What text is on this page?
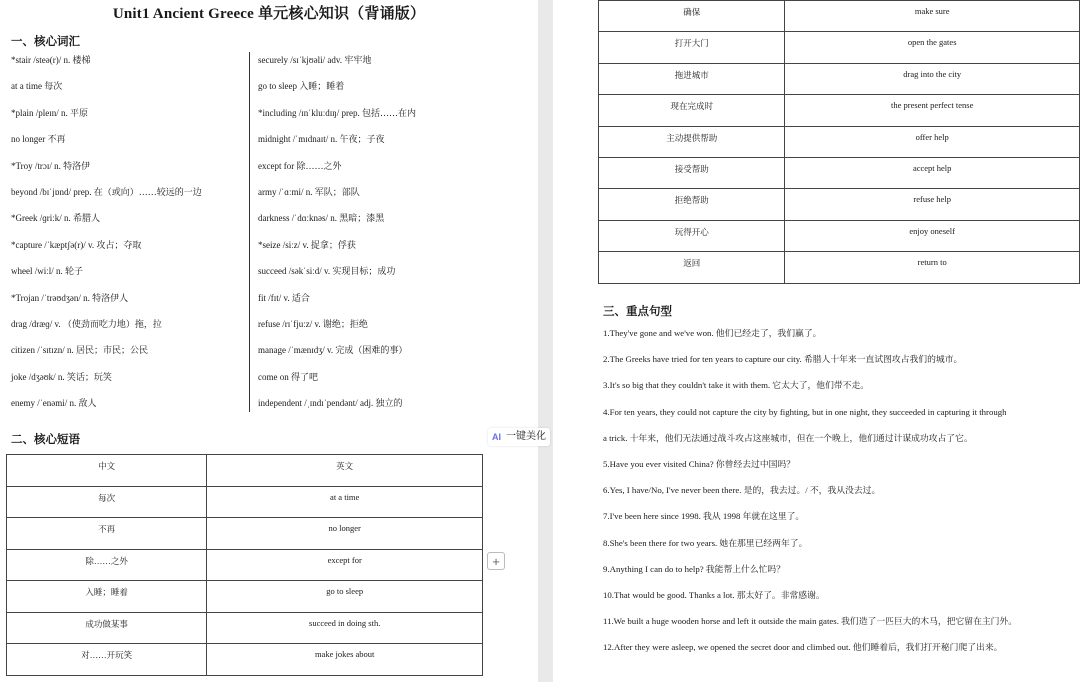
Unit1 Ancient Greece 单元核心知识（背诵版）
一、核心词汇
*stair /steə(r)/ n. 楼梯
at a time 每次
*plain /pleɪn/ n. 平原
no longer 不再
*Troy /trɔɪ/ n. 特洛伊
beyond /bɪˈjɒnd/ prep. 在（或向）……较远的一边
*Greek /ɡriːk/ n. 希腊人
*capture /ˈkæptʃə(r)/ v. 攻占；夺取
wheel /wiːl/ n. 轮子
*Trojan /ˈtrəʊdʒən/ n. 特洛伊人
drag /dræɡ/ v. （使劲而吃力地）拖，拉
citizen /ˈsɪtɪzn/ n. 居民；市民；公民
joke /dʒəʊk/ n. 笑话；玩笑
enemy /ˈenəmi/ n. 敌人
securely /sɪˈkjʊəli/ adv. 牢牢地
go to sleep 入睡；睡着
*including /ɪnˈkluːdɪŋ/ prep. 包括……在内
midnight /ˈmɪdnaɪt/ n. 午夜；子夜
except for 除……之外
army /ˈɑːmi/ n. 军队；部队
darkness /ˈdɑːknəs/ n. 黑暗；漆黑
*seize /siːz/ v. 捉拿；俘获
succeed /səkˈsiːd/ v. 实现目标；成功
fit /fɪt/ v. 适合
refuse /rɪˈfjuːz/ v. 谢绝；拒绝
manage /ˈmænɪdʒ/ v. 完成（困难的事）
come on 得了吧
independent /ˌɪndɪˈpendənt/ adj. 独立的
二、核心短语
中文	英文
每次	at a time
不再	no longer
除……之外	except for
入睡；睡着	go to sleep
成功做某事	succeed in doing sth.
对……开玩笑	make jokes about
AI 一键美化
+
确保	make sure
打开大门	open the gates
拖进城市	drag into the city
现在完成时	the present perfect tense
主动提供帮助	offer help
接受帮助	accept help
拒绝帮助	refuse help
玩得开心	enjoy oneself
返回	return to
三、重点句型
1.They've gone and we've won. 他们已经走了，我们赢了。
2.The Greeks have tried for ten years to capture our city. 希腊人十年来一直试图攻占我们的城市。
3.It's so big that they couldn't take it with them. 它太大了，他们带不走。
4.For ten years, they could not capture the city by fighting, but in one night, they succeeded in capturing it through
a trick. 十年来，他们无法通过战斗攻占这座城市，但在一个晚上，他们通过计谋成功攻占了它。
5.Have you ever visited China? 你曾经去过中国吗？
6.Yes, I have/No, I've never been there. 是的，我去过。/ 不，我从没去过。
7.I've been here since 1998. 我从 1998 年就在这里了。
8.She's been there for two years. 她在那里已经两年了。
9.Anything I can do to help? 我能帮上什么忙吗？
10.That would be good. Thanks a lot. 那太好了。非常感谢。
11.We built a huge wooden horse and left it outside the main gates. 我们造了一匹巨大的木马，把它留在主门外。
12.After they were asleep, we opened the secret door and climbed out. 他们睡着后，我们打开秘门爬了出来。
